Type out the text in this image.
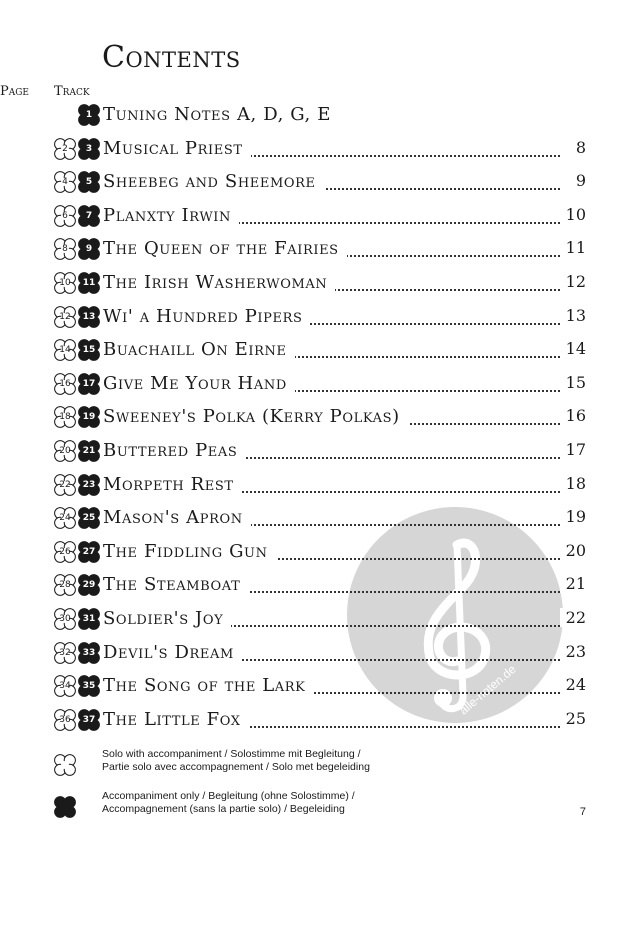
alle-noten.de
Contents
Track
Page
1 Tuning Notes A, D, G, E
2	3 Musical Priest	8
4	5 Sheebeg and Sheemore	9
6	7 Planxty Irwin	10
8	9 The Queen of the Fairies	11
10	11 The Irish Washerwoman	12
12	13 Wi' a Hundred Pipers	13
14	15 Buachaill On Eirne	14
16	17 Give Me Your Hand	15
18	19 Sweeney's Polka (Kerry Polkas)	16
20	21 Buttered Peas	17
22	23 Morpeth Rest	18
24	25 Mason's Apron	19
26	27 The Fiddling Gun	20
28	29 The Steamboat	21
30	31 Soldier's Joy	22
32	33 Devil's Dream	23
34	35 The Song of the Lark	24
36	37 The Little Fox	25
Solo with accompaniment / Solostimme mit Begleitung /
Partie solo avec accompagnement / Solo met begeleiding
Accompaniment only / Begleitung (ohne Solostimme) /
Accompagnement (sans la partie solo) / Begeleiding	7
